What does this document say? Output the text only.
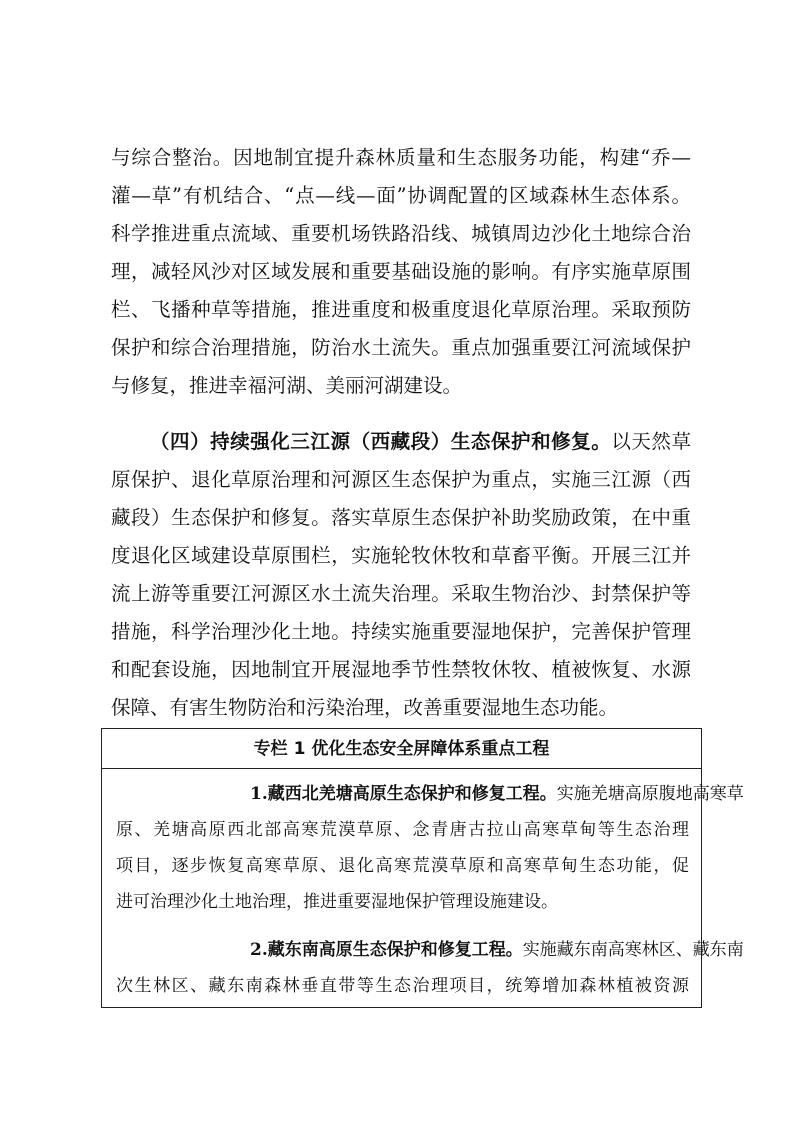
与综合整治。因地制宜提升森林质量和生态服务功能，构建“乔—
灌—草”有机结合、“点—线—面”协调配置的区域森林生态体系。
科学推进重点流域、重要机场铁路沿线、城镇周边沙化土地综合治
理，减轻风沙对区域发展和重要基础设施的影响。有序实施草原围
栏、飞播种草等措施，推进重度和极重度退化草原治理。采取预防
保护和综合治理措施，防治水土流失。重点加强重要江河流域保护
与修复，推进幸福河湖、美丽河湖建设。
（四）持续强化三江源（西藏段）生态保护和修复。以天然草
原保护、退化草原治理和河源区生态保护为重点，实施三江源（西
藏段）生态保护和修复。落实草原生态保护补助奖励政策，在中重
度退化区域建设草原围栏，实施轮牧休牧和草畜平衡。开展三江并
流上游等重要江河源区水土流失治理。采取生物治沙、封禁保护等
措施，科学治理沙化土地。持续实施重要湿地保护，完善保护管理
和配套设施，因地制宜开展湿地季节性禁牧休牧、植被恢复、水源
保障、有害生物防治和污染治理，改善重要湿地生态功能。
专栏 1 优化生态安全屏障体系重点工程
1.藏西北羌塘高原生态保护和修复工程。实施羌塘高原腹地高寒草
原、羌塘高原西北部高寒荒漠草原、念青唐古拉山高寒草甸等生态治理
项目，逐步恢复高寒草原、退化高寒荒漠草原和高寒草甸生态功能，促
进可治理沙化土地治理，推进重要湿地保护管理设施建设。
2.藏东南高原生态保护和修复工程。实施藏东南高寒林区、藏东南
次生林区、藏东南森林垂直带等生态治理项目，统筹增加森林植被资源
